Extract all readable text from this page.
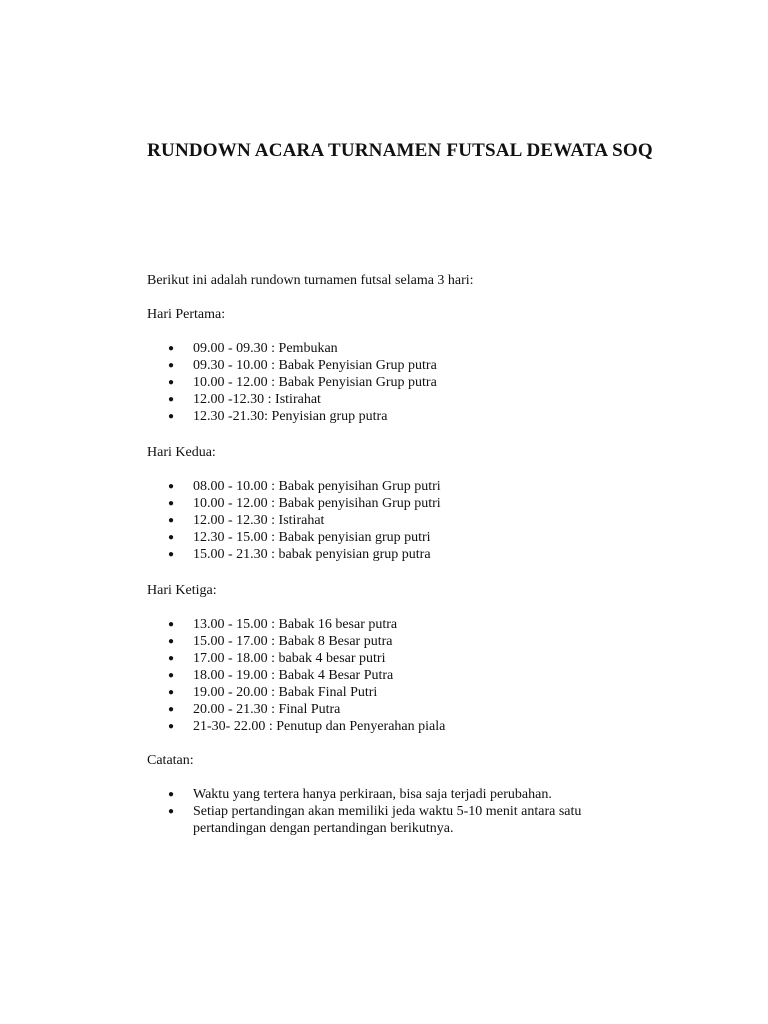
RUNDOWN ACARA TURNAMEN FUTSAL DEWATA SOQ

Berikut ini adalah rundown turnamen futsal selama 3 hari:

Hari Pertama:

● 09.00 - 09.30 : Pembukan
● 09.30 - 10.00 : Babak Penyisian Grup putra
● 10.00 - 12.00 : Babak Penyisian Grup putra
● 12.00 -12.30 : Istirahat
● 12.30 -21.30: Penyisian grup putra

Hari Kedua:

● 08.00 - 10.00 : Babak penyisihan Grup putri
● 10.00 - 12.00 : Babak penyisihan Grup putri
● 12.00 - 12.30 : Istirahat
● 12.30 - 15.00 : Babak penyisian grup putri
● 15.00 - 21.30 : babak penyisian grup putra

Hari Ketiga:

● 13.00 - 15.00 : Babak 16 besar putra
● 15.00 - 17.00 : Babak 8 Besar putra
● 17.00 - 18.00 : babak 4 besar putri
● 18.00 - 19.00 : Babak 4 Besar Putra
● 19.00 - 20.00 : Babak Final Putri
● 20.00 - 21.30 : Final Putra
● 21-30- 22.00 : Penutup dan Penyerahan piala

Catatan:

● Waktu yang tertera hanya perkiraan, bisa saja terjadi perubahan.
● Setiap pertandingan akan memiliki jeda waktu 5-10 menit antara satu pertandingan dengan pertandingan berikutnya.
